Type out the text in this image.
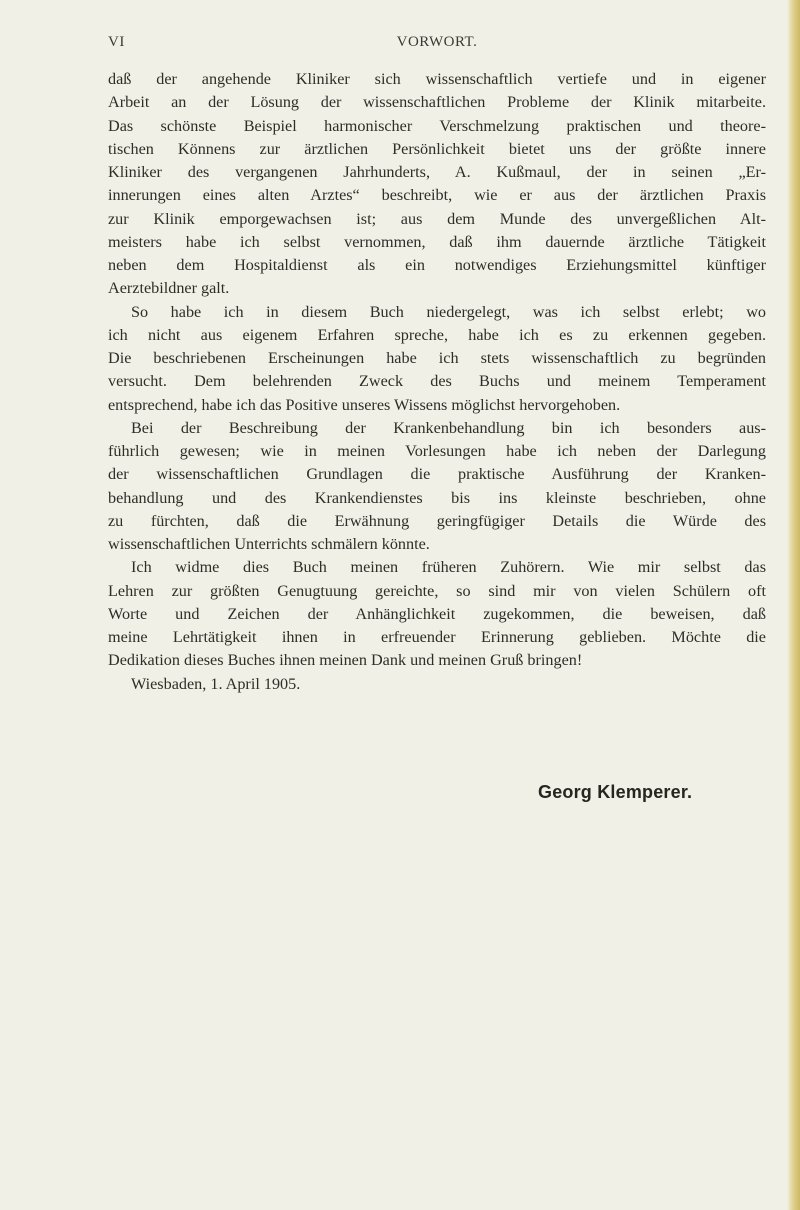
VI	VORWORT.
daß der angehende Kliniker sich wissenschaftlich vertiefe und in eigener
Arbeit an der Lösung der wissenschaftlichen Probleme der Klinik mitarbeite.
Das schönste Beispiel harmonischer Verschmelzung praktischen und theore-
tischen Könnens zur ärztlichen Persönlichkeit bietet uns der größte innere
Kliniker des vergangenen Jahrhunderts, A. Kußmaul, der in seinen „Er-
innerungen eines alten Arztes“ beschreibt, wie er aus der ärztlichen Praxis
zur Klinik emporgewachsen ist; aus dem Munde des unvergeßlichen Alt-
meisters habe ich selbst vernommen, daß ihm dauernde ärztliche Tätigkeit
neben dem Hospitaldienst als ein notwendiges Erziehungsmittel künftiger
Aerztebildner galt.
So habe ich in diesem Buch niedergelegt, was ich selbst erlebt; wo
ich nicht aus eigenem Erfahren spreche, habe ich es zu erkennen gegeben.
Die beschriebenen Erscheinungen habe ich stets wissenschaftlich zu begründen
versucht. Dem belehrenden Zweck des Buchs und meinem Temperament
entsprechend, habe ich das Positive unseres Wissens möglichst hervorgehoben.
Bei der Beschreibung der Krankenbehandlung bin ich besonders aus-
führlich gewesen; wie in meinen Vorlesungen habe ich neben der Darlegung
der wissenschaftlichen Grundlagen die praktische Ausführung der Kranken-
behandlung und des Krankendienstes bis ins kleinste beschrieben, ohne
zu fürchten, daß die Erwähnung geringfügiger Details die Würde des
wissenschaftlichen Unterrichts schmälern könnte.
Ich widme dies Buch meinen früheren Zuhörern. Wie mir selbst das
Lehren zur größten Genugtuung gereichte, so sind mir von vielen Schülern oft
Worte und Zeichen der Anhänglichkeit zugekommen, die beweisen, daß
meine Lehrtätigkeit ihnen in erfreuender Erinnerung geblieben. Möchte die
Dedikation dieses Buches ihnen meinen Dank und meinen Gruß bringen!
Wiesbaden, 1. April 1905.
Georg Klemperer.
